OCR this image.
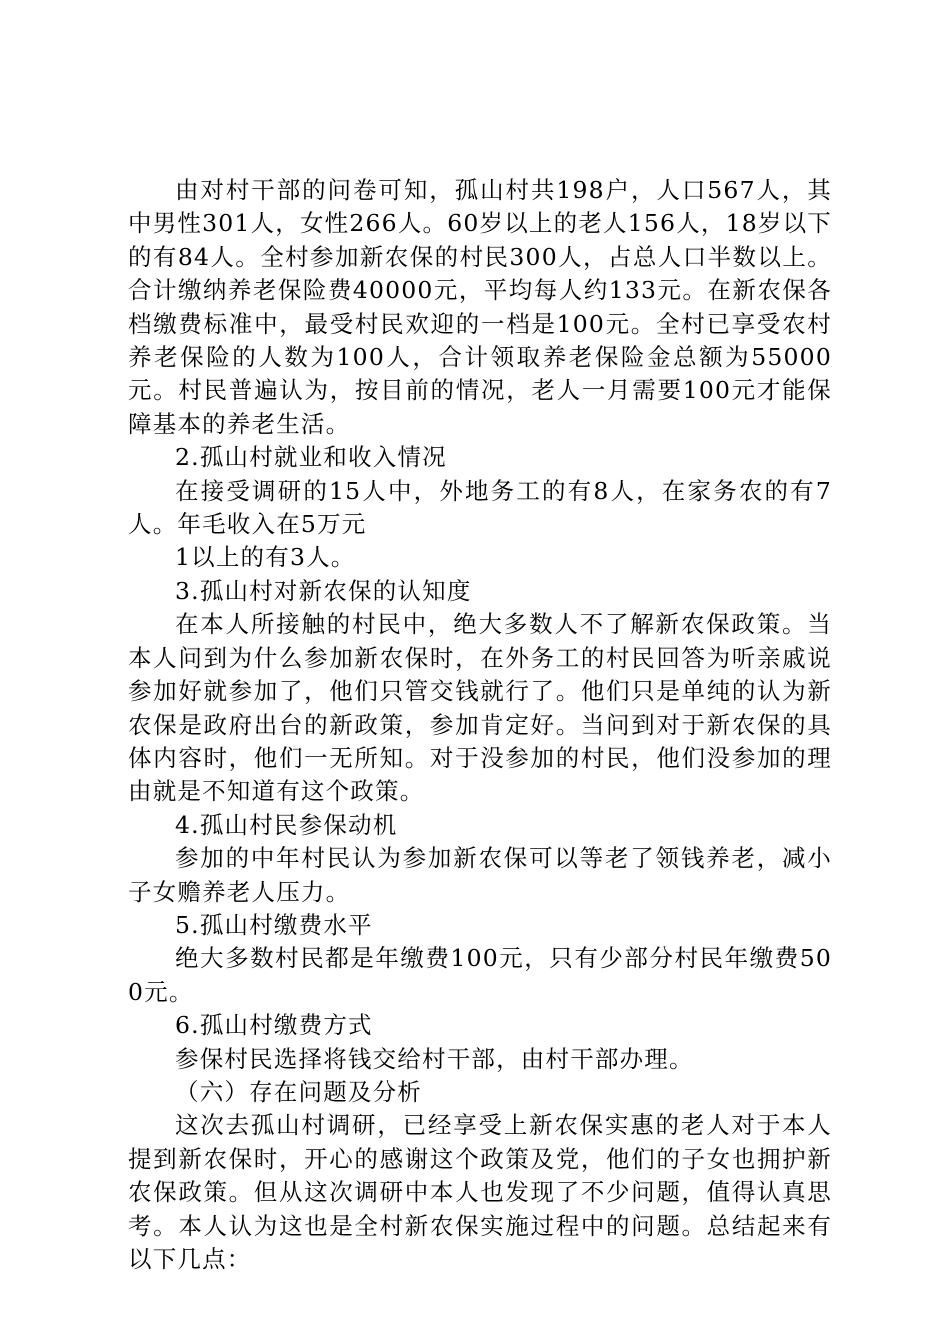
由对村干部的问卷可知，孤山村共198户，人口567人，其中男性301人，女性266人。60岁以上的老人156人，18岁以下的有84人。全村参加新农保的村民300人，占总人口半数以上。合计缴纳养老保险费40000元，平均每人约133元。在新农保各档缴费标准中，最受村民欢迎的一档是100元。全村已享受农村养老保险的人数为100人，合计领取养老保险金总额为55000元。村民普遍认为，按目前的情况，老人一月需要100元才能保障基本的养老生活。

2.孤山村就业和收入情况

在接受调研的15人中，外地务工的有8人，在家务农的有7人。年毛收入在5万元

1以上的有3人。

3.孤山村对新农保的认知度

在本人所接触的村民中，绝大多数人不了解新农保政策。当本人问到为什么参加新农保时，在外务工的村民回答为听亲戚说参加好就参加了，他们只管交钱就行了。他们只是单纯的认为新农保是政府出台的新政策，参加肯定好。当问到对于新农保的具体内容时，他们一无所知。对于没参加的村民，他们没参加的理由就是不知道有这个政策。

4.孤山村民参保动机

参加的中年村民认为参加新农保可以等老了领钱养老，减小子女赡养老人压力。

5.孤山村缴费水平

绝大多数村民都是年缴费100元，只有少部分村民年缴费500元。

6.孤山村缴费方式

参保村民选择将钱交给村干部，由村干部办理。

（六）存在问题及分析

这次去孤山村调研，已经享受上新农保实惠的老人对于本人提到新农保时，开心的感谢这个政策及党，他们的子女也拥护新农保政策。但从这次调研中本人也发现了不少问题，值得认真思考。本人认为这也是全村新农保实施过程中的问题。总结起来有以下几点：
